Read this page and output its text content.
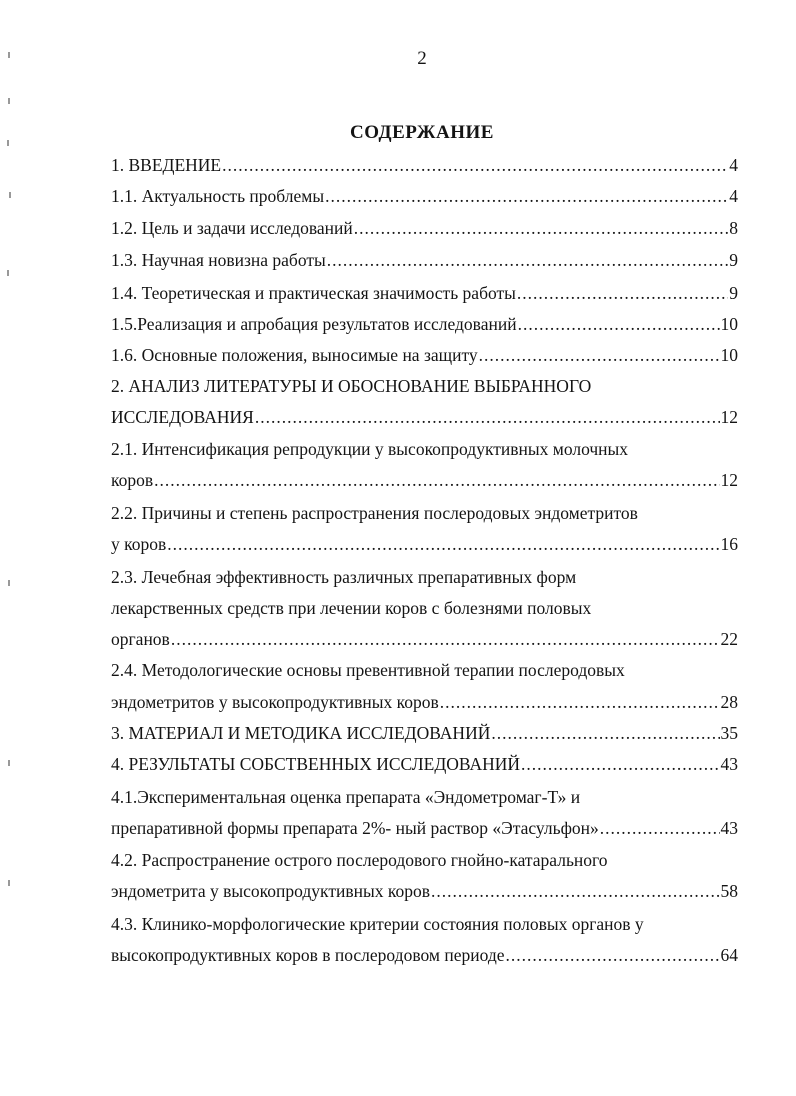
2
СОДЕРЖАНИЕ
1. ВВЕДЕНИЕ .....	4
1.1. Актуальность проблемы .....	4
1.2. Цель и задачи исследований .....	8
1.3. Научная новизна работы .....	9
1.4. Теоретическая и практическая значимость работы .....	9
1.5.Реализация и апробация результатов исследований .....	10
1.6. Основные положения, выносимые на защиту .....	10
2. АНАЛИЗ ЛИТЕРАТУРЫ И ОБОСНОВАНИЕ ВЫБРАННОГО
ИССЛЕДОВАНИЯ .....	12
2.1. Интенсификация репродукции у высокопродуктивных молочных
коров .....	12
2.2. Причины и степень распространения послеродовых эндометритов
у коров .....	16
2.3. Лечебная эффективность различных препаративных форм
лекарственных средств при лечении коров с болезнями половых
органов .....	22
2.4. Методологические основы превентивной терапии послеродовых
эндометритов у высокопродуктивных коров .....	28
3. МАТЕРИАЛ И МЕТОДИКА ИССЛЕДОВАНИЙ .....	35
4. РЕЗУЛЬТАТЫ СОБСТВЕННЫХ ИССЛЕДОВАНИЙ .....	43
4.1.Экспериментальная оценка препарата «Эндометромаг-Т» и
препаративной формы препарата 2%- ный раствор «Этасульфон» .....	43
4.2. Распространение острого послеродового гнойно-катарального
эндометрита у высокопродуктивных коров .....	58
4.3. Клинико-морфологические критерии состояния половых органов у
высокопродуктивных коров в послеродовом периоде .....	64
